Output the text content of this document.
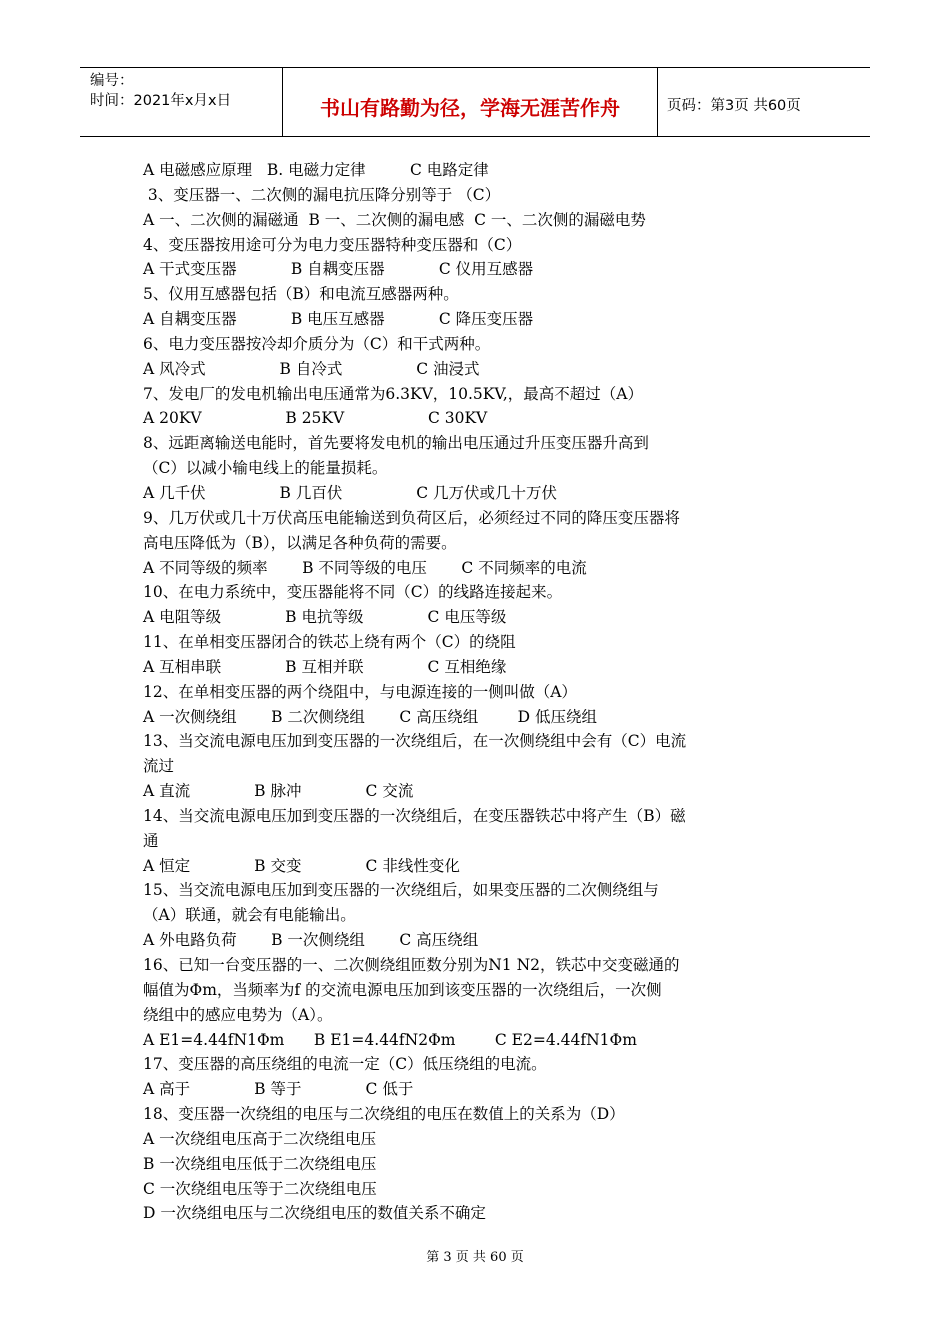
编号：
时间：2021年x月x日	书山有路勤为径，学海无涯苦作舟	页码：第3页 共60页
A 电磁感应原理   B. 电磁力定律         C 电路定律
3、变压器一、二次侧的漏电抗压降分别等于 （C）
A 一、二次侧的漏磁通  B 一、二次侧的漏电感  C 一、二次侧的漏磁电势
4、变压器按用途可分为电力变压器特种变压器和（C）
A 干式变压器           B 自耦变压器           C 仪用互感器
5、仪用互感器包括（B）和电流互感器两种。
A 自耦变压器           B 电压互感器           C 降压变压器
6、电力变压器按冷却介质分为（C）和干式两种。
A 风冷式               B 自冷式               C 油浸式
7、发电厂的发电机输出电压通常为6.3KV，10.5KV,，最高不超过（A）
A 20KV                 B 25KV                 C 30KV
8、远距离输送电能时，首先要将发电机的输出电压通过升压变压器升高到
（C）以减小输电线上的能量损耗。
A 几千伏               B 几百伏               C 几万伏或几十万伏
9、几万伏或几十万伏高压电能输送到负荷区后，必须经过不同的降压变压器将
高电压降低为（B），以满足各种负荷的需要。
A 不同等级的频率       B 不同等级的电压       C 不同频率的电流
10、在电力系统中，变压器能将不同（C）的线路连接起来。
A 电阻等级             B 电抗等级             C 电压等级
11、在单相变压器闭合的铁芯上绕有两个（C）的绕阻
A 互相串联             B 互相并联             C 互相绝缘
12、在单相变压器的两个绕阻中，与电源连接的一侧叫做（A）
A 一次侧绕组       B 二次侧绕组       C 高压绕组        D 低压绕组
13、当交流电源电压加到变压器的一次绕组后，在一次侧绕组中会有（C）电流
流过
A 直流             B 脉冲             C 交流
14、当交流电源电压加到变压器的一次绕组后，在变压器铁芯中将产生（B）磁
通
A 恒定             B 交变             C 非线性变化
15、当交流电源电压加到变压器的一次绕组后，如果变压器的二次侧绕组与
（A）联通，就会有电能输出。
A 外电路负荷       B 一次侧绕组       C 高压绕组
16、已知一台变压器的一、二次侧绕组匝数分别为N1 N2，铁芯中交变磁通的
幅值为Φm，当频率为f 的交流电源电压加到该变压器的一次绕组后，一次侧
绕组中的感应电势为（A）。
A E1=4.44fN1Φm      B E1=4.44fN2Φm        C E2=4.44fN1Φm
17、变压器的高压绕组的电流一定（C）低压绕组的电流。
A 高于             B 等于             C 低于
18、变压器一次绕组的电压与二次绕组的电压在数值上的关系为（D）
A 一次绕组电压高于二次绕组电压
B 一次绕组电压低于二次绕组电压
C 一次绕组电压等于二次绕组电压
D 一次绕组电压与二次绕组电压的数值关系不确定
第 3 页 共 60 页
